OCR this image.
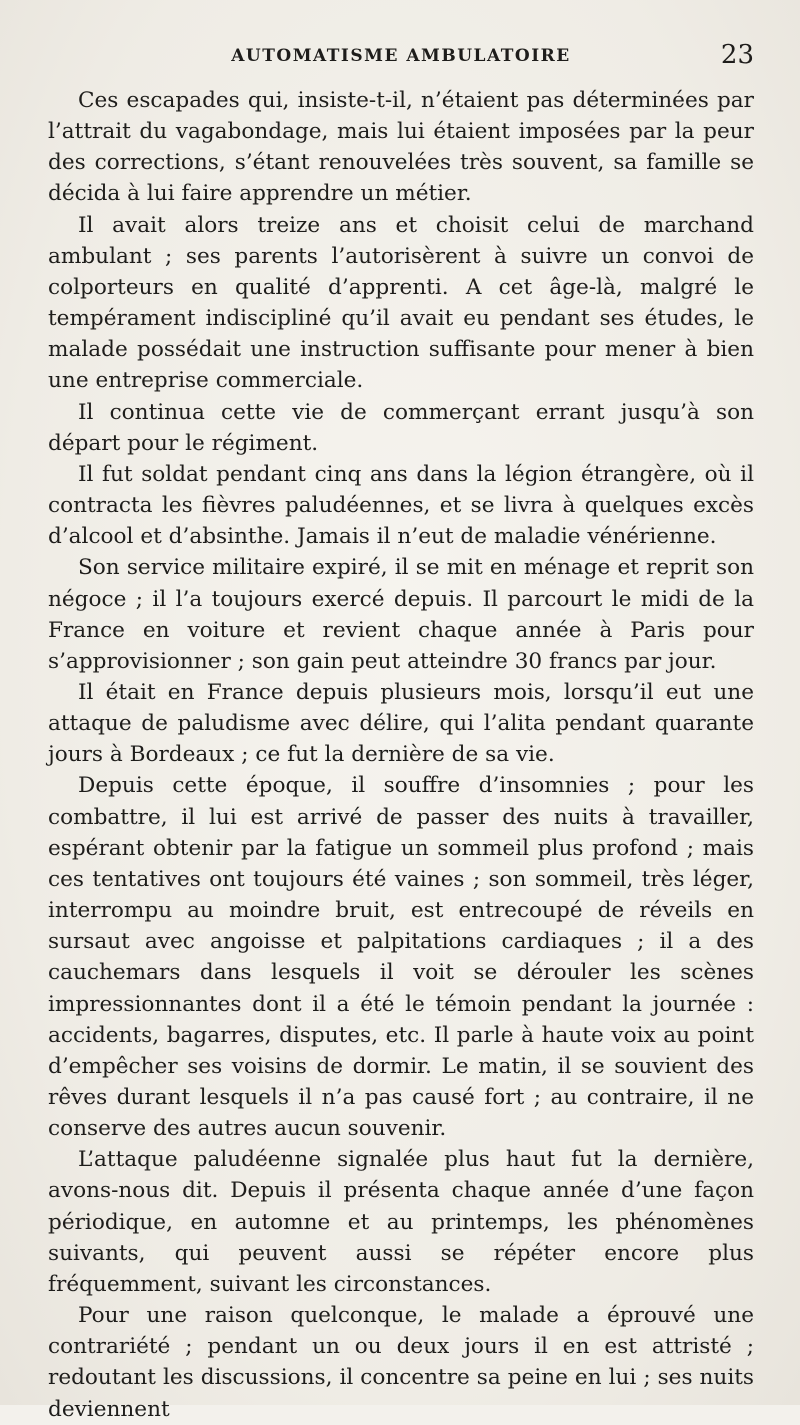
AUTOMATISME AMBULATOIRE	23

Ces escapades qui, insiste-t-il, n’étaient pas déterminées par l’attrait du vagabondage, mais lui étaient imposées par la peur des corrections, s’étant renouvelées très souvent, sa famille se décida à lui faire apprendre un métier.

Il avait alors treize ans et choisit celui de marchand ambulant ; ses parents l’autorisèrent à suivre un convoi de colporteurs en qualité d’apprenti. A cet âge-là, malgré le tempérament indiscipliné qu’il avait eu pendant ses études, le malade possédait une instruction suffisante pour mener à bien une entreprise commerciale.

Il continua cette vie de commerçant errant jusqu’à son départ pour le régiment.

Il fut soldat pendant cinq ans dans la légion étrangère, où il contracta les fièvres paludéennes, et se livra à quelques excès d’alcool et d’absinthe. Jamais il n’eut de maladie vénérienne.

Son service militaire expiré, il se mit en ménage et reprit son négoce ; il l’a toujours exercé depuis. Il parcourt le midi de la France en voiture et revient chaque année à Paris pour s’approvisionner ; son gain peut atteindre 30 francs par jour.

Il était en France depuis plusieurs mois, lorsqu’il eut une attaque de paludisme avec délire, qui l’alita pendant quarante jours à Bordeaux ; ce fut la dernière de sa vie.

Depuis cette époque, il souffre d’insomnies ; pour les combattre, il lui est arrivé de passer des nuits à travailler, espérant obtenir par la fatigue un sommeil plus profond ; mais ces tentatives ont toujours été vaines ; son sommeil, très léger, interrompu au moindre bruit, est entrecoupé de réveils en sursaut avec angoisse et palpitations cardiaques ; il a des cauchemars dans lesquels il voit se dérouler les scènes impressionnantes dont il a été le témoin pendant la journée : accidents, bagarres, disputes, etc. Il parle à haute voix au point d’empêcher ses voisins de dormir. Le matin, il se souvient des rêves durant lesquels il n’a pas causé fort ; au contraire, il ne conserve des autres aucun souvenir.

L’attaque paludéenne signalée plus haut fut la dernière, avons-nous dit. Depuis il présenta chaque année d’une façon périodique, en automne et au printemps, les phénomènes suivants, qui peuvent aussi se répéter encore plus fréquemment, suivant les circonstances.

Pour une raison quelconque, le malade a éprouvé une contrariété ; pendant un ou deux jours il en est attristé ; redoutant les discussions, il concentre sa peine en lui ; ses nuits deviennent
